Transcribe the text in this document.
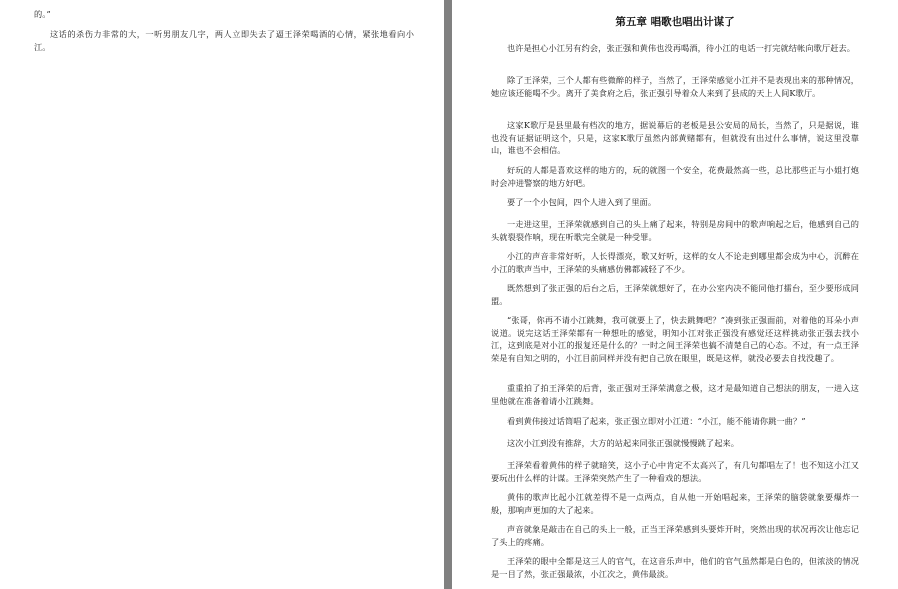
的。”

这话的杀伤力非常的大，一听男朋友几字，两人立即失去了逼王泽荣喝酒的心情，紧张地看向小江。

第五章 唱歌也唱出计谋了

也许是担心小江另有约会，张正强和黄伟也没再喝酒，待小江的电话一打完就结帐向歌厅赶去。

除了王泽荣，三个人都有些微醉的样子，当然了，王泽荣感觉小江并不是表现出来的那种情况，她应该还能喝不少。离开了美食府之后，张正强引导着众人来到了县成的天上人间K歌厅。

这家K歌厅是县里最有档次的地方，据说幕后的老板是县公安局的局长，当然了，只是据说，谁也没有证据证明这个，只是，这家K歌厅虽然内部黄赌都有，但就没有出过什么事情，说这里没靠山，谁也不会相信。

好玩的人都是喜欢这样的地方的，玩的就图一个安全，花费最然高一些，总比那些正与小姐打炮时会冲进警察的地方好吧。

要了一个小包间，四个人进入到了里面。

一走进这里，王泽荣就感到自己的头上痛了起来，特别是房间中的歌声响起之后，他感到自己的头就裂裂作响，现在听歌完全就是一种受罪。

小江的声音非常好听，人长得漂亮，歌又好听，这样的女人不论走到哪里都会成为中心，沉醉在小江的歌声当中，王泽荣的头痛感仿佛都减轻了不少。

既然想到了张正强的后台之后，王泽荣就想好了，在办公室内决不能同他打擂台，至少要形成同盟。

“张哥，你再不请小江跳舞，我可就要上了，快去跳舞吧？”凑到张正强面前，对着他的耳朵小声说道。说完这话王泽荣都有一种想吐的感觉，明知小江对张正强没有感觉还这样挑动张正强去找小江，这到底是对小江的报复还是什么的？一时之间王泽荣也搞不清楚自己的心态。不过，有一点王泽荣是有自知之明的，小江目前同样并没有把自己放在眼里，既是这样，就没必要去自找没趣了。

重重拍了拍王泽荣的后背，张正强对王泽荣满意之极，这才是最知道自己想法的朋友，一进入这里他就在准备着请小江跳舞。

看到黄伟接过话筒唱了起来，张正强立即对小江道：“小江，能不能请你跳一曲？”

这次小江到没有推辞，大方的站起来同张正强就慢慢跳了起来。

王泽荣看着黄伟的样子就暗笑，这小子心中肯定不太高兴了，有几句都唱左了！也不知这小江又要玩出什么样的计谋。王泽荣突然产生了一种看戏的想法。

黄伟的歌声比起小江就差得不是一点两点，自从他一开始唱起来，王泽荣的脑袋就象要爆炸一般，那响声更加的大了起来。

声音就象是敲击在自己的头上一般，正当王泽荣感到头要炸开时，突然出现的状况再次让他忘记了头上的疼痛。

王泽荣的眼中全都是这三人的官气，在这音乐声中，他们的官气虽然都是白色的，但浓淡的情况是一目了然，张正强最浓，小江次之，黄伟最淡。
